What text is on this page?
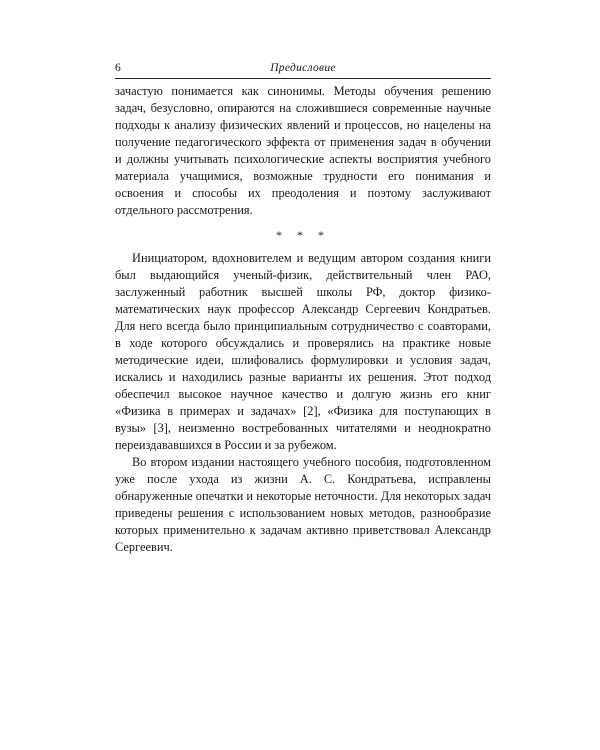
6	Предисловие

зачастую понимается как синонимы. Методы обучения решению задач, безусловно, опираются на сложившиеся современные научные подходы к анализу физических явлений и процессов, но нацелены на получение педагогического эффекта от применения задач в обучении и должны учитывать психологические аспекты восприятия учебного материала учащимися, возможные трудности его понимания и освоения и способы их преодоления и поэтому заслуживают отдельного рассмотрения.

* * *

Инициатором, вдохновителем и ведущим автором создания книги был выдающийся ученый-физик, действительный член РАО, заслуженный работник высшей школы РФ, доктор физико-математических наук профессор Александр Сергеевич Кондратьев. Для него всегда было принципиальным сотрудничество с соавторами, в ходе которого обсуждались и проверялись на практике новые методические идеи, шлифовались формулировки и условия задач, искались и находились разные варианты их решения. Этот подход обеспечил высокое научное качество и долгую жизнь его книг «Физика в примерах и задачах» [2], «Физика для поступающих в вузы» [3], неизменно востребованных читателями и неоднократно переиздававшихся в России и за рубежом.

Во втором издании настоящего учебного пособия, подготовленном уже после ухода из жизни А. С. Кондратьева, исправлены обнаруженные опечатки и некоторые неточности. Для некоторых задач приведены решения с использованием новых методов, разнообразие которых применительно к задачам активно приветствовал Александр Сергеевич.
